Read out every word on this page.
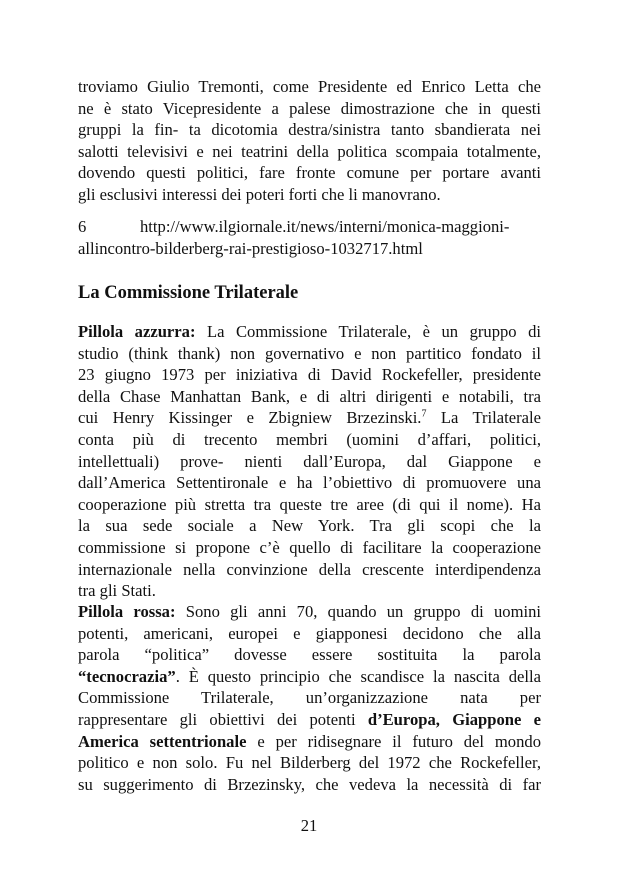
troviamo Giulio Tremonti, come Presidente ed Enrico Letta che
ne è stato Vicepresidente a palese dimostrazione che in questi
gruppi la fin- ta dicotomia destra/sinistra tanto sbandierata nei
salotti televisivi e nei teatrini della politica scompaia totalmente,
dovendo questi politici, fare fronte comune per portare avanti
gli esclusivi interessi dei poteri forti che li manovrano.
6	http://www.ilgiornale.it/news/interni/monica-maggioni-
allincontro-bilderberg-rai-prestigioso-1032717.html
La Commissione Trilaterale
Pillola azzurra: La Commissione Trilaterale, è un gruppo di
studio (think thank) non governativo e non partitico fondato il
23 giugno 1973 per iniziativa di David Rockefeller, presidente
della Chase Manhattan Bank, e di altri dirigenti e notabili, tra
cui Henry Kissinger e Zbigniew Brzezinski.$^7$ La Trilaterale
conta più di trecento membri (uomini d’affari, politici,
intellettuali) prove- nienti dall’Europa, dal Giappone e
dall’America Settentironale e ha l’obiettivo di promuovere una
cooperazione più stretta tra queste tre aree (di qui il nome). Ha
la sua sede sociale a New York. Tra gli scopi che la
commissione si propone c’è quello di facilitare la cooperazione
internazionale nella convinzione della crescente interdipendenza
tra gli Stati.
Pillola rossa: Sono gli anni 70, quando un gruppo di uomini
potenti, americani, europei e giapponesi decidono che alla
parola “politica” dovesse essere sostituita la parola
“tecnocrazia”. È questo principio che scandisce la nascita della
Commissione Trilaterale, un’organizzazione nata per
rappresentare gli obiettivi dei potenti d’Europa, Giappone e
America settentrionale e per ridisegnare il futuro del mondo
politico e non solo. Fu nel Bilderberg del 1972 che Rockefeller,
su suggerimento di Brzezinsky, che vedeva la necessità di far
21
